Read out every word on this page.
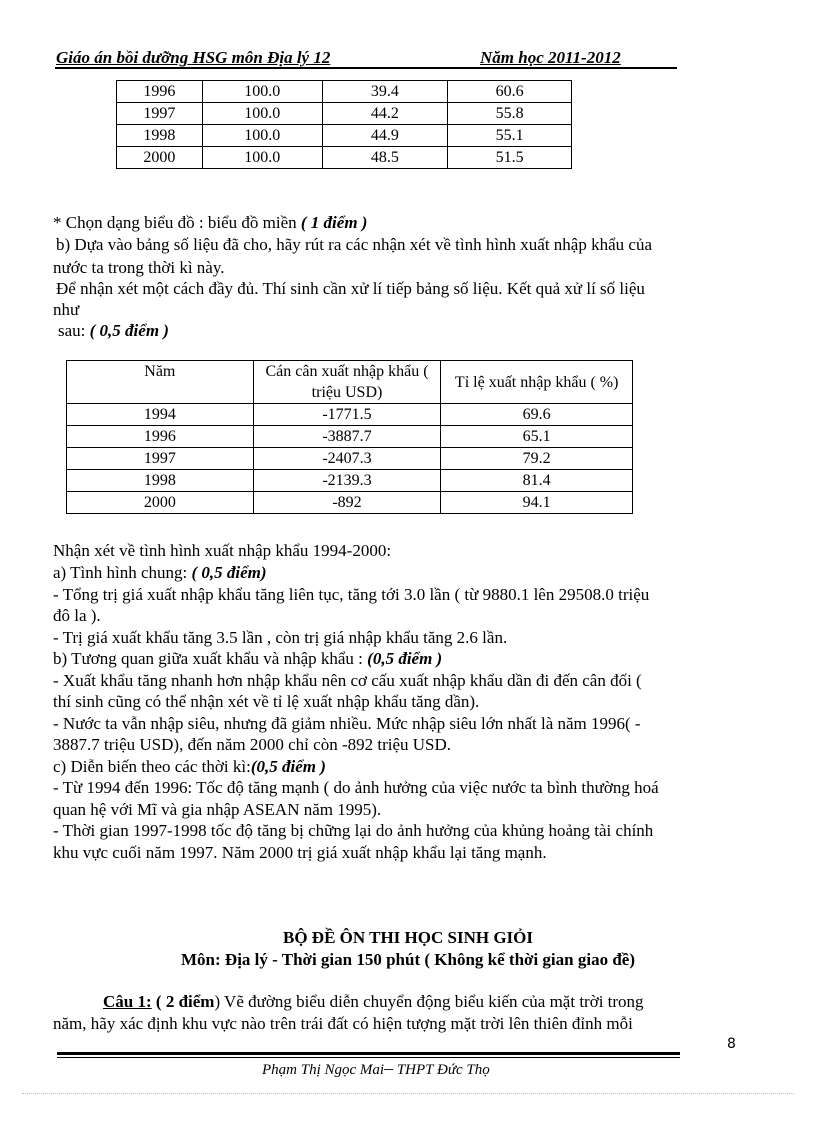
Giáo án bồi dưỡng HSG môn Địa lý 12	Năm học 2011-2012
1996	100.0	39.4	60.6
1997	100.0	44.2	55.8
1998	100.0	44.9	55.1
2000	100.0	48.5	51.5
* Chọn dạng biểu đồ : biểu đồ miền ( 1 điểm )
b) Dựa vào bảng số liệu đã cho, hãy rút ra các nhận xét về tình hình xuất nhập khẩu của
nước ta trong thời kì này.
Để nhận xét một cách đầy đủ. Thí sinh cần xử lí tiếp bảng số liệu. Kết quả xử lí số liệu
như
sau: ( 0,5 điểm )
Năm	Cán cân xuất nhập khẩu ( triệu USD)	Tỉ lệ xuất nhập khẩu ( %)
1994	-1771.5	69.6
1996	-3887.7	65.1
1997	-2407.3	79.2
1998	-2139.3	81.4
2000	-892	94.1
Nhận xét về tình hình xuất nhập khẩu 1994-2000:
a) Tình hình chung: ( 0,5 điểm)
- Tổng trị giá xuất nhập khẩu tăng liên tục, tăng tới 3.0 lần ( từ 9880.1 lên 29508.0 triệu
đô la ).
- Trị giá xuất khẩu tăng 3.5 lần , còn trị giá nhập khẩu tăng 2.6 lần.
b) Tương quan giữa xuất khẩu và nhập khẩu : (0,5 điểm )
- Xuất khẩu tăng nhanh hơn nhập khẩu nên cơ cấu xuất nhập khẩu dần đi đến cân đối (
thí sinh cũng có thể nhận xét về tỉ lệ xuất nhập khẩu tăng dần).
- Nước ta vẫn nhập siêu, nhưng đã giảm nhiều. Mức nhập siêu lớn nhất là năm 1996( -
3887.7 triệu USD), đến năm 2000 chỉ còn -892 triệu USD.
c) Diễn biến theo các thời kì:(0,5 điểm )
- Từ 1994 đến 1996: Tốc độ tăng mạnh ( do ảnh hưởng của việc nước ta bình thường hoá
quan hệ với Mĩ và gia nhập ASEAN năm 1995).
- Thời gian 1997-1998 tốc độ tăng bị chững lại do ảnh hưởng của khủng hoảng tài chính
khu vực cuối năm 1997. Năm 2000 trị giá xuất nhập khẩu lại tăng mạnh.
BỘ ĐỀ ÔN THI HỌC SINH GIỎI
Môn: Địa lý - Thời gian 150 phút ( Không kể thời gian giao đề)
Câu 1: ( 2 điểm) Vẽ đường biểu diễn chuyển động biểu kiến của mặt trời trong
năm, hãy xác định khu vực nào trên trái đất có hiện tượng mặt trời lên thiên đỉnh mỗi
8
Phạm Thị Ngọc Mai– THPT Đức Thọ
